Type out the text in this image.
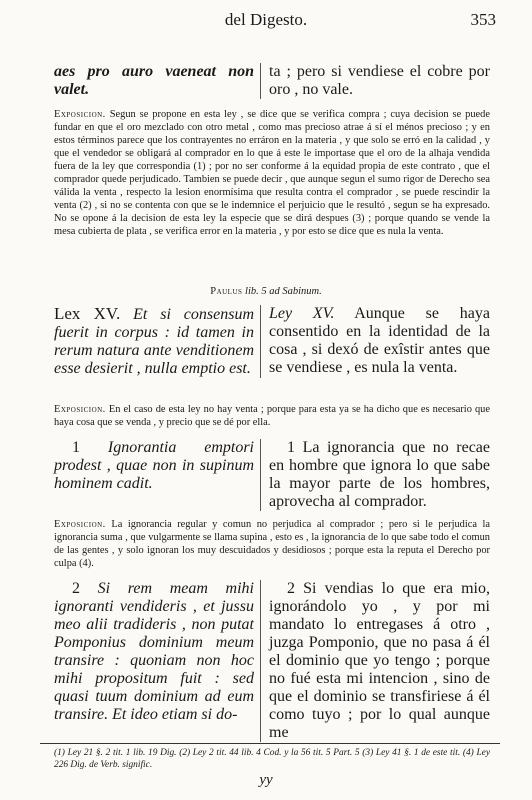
del Digesto.	353
aes pro auro vaeneat non valet.
ta ; pero si vendiese el cobre por oro , no vale.
Exposicion. Segun se propone en esta ley , se dice que se verifica compra ; cuya decision se puede fundar en que el oro mezclado con otro metal , como mas precioso atrae á sí el ménos precioso ; y en estos términos parece que los contrayentes no erráron en la materia , y que solo se erró en la calidad , y que el vendedor se obligará al comprador en lo que á este le importase que el oro de la alhaja vendida fuera de la ley que correspondia (1) ; por no ser conforme á la equidad propia de este contrato , que el comprador quede perjudicado. Tambien se puede decir , que aunque segun el sumo rigor de Derecho sea válida la venta , respecto la lesion enormísima que resulta contra el comprador , se puede rescindir la venta (2) , si no se contenta con que se le indemnice el perjuicio que le resultó , segun se ha expresado. No se opone á la decision de esta ley la especie que se dirá despues (3) ; porque quando se vende la mesa cubierta de plata , se verifica error en la materia , y por esto se dice que es nula la venta.
Paulus lib. 5 ad Sabinum.
Lex XV. Et si consensum fuerit in corpus : id tamen in rerum natura ante venditionem esse desierit , nulla emptio est.
Ley XV. Aunque se haya consentido en la identidad de la cosa , si dexó de exîstir antes que se vendiese , es nula la venta.
Exposicion. En el caso de esta ley no hay venta ; porque para esta ya se ha dicho que es necesario que haya cosa que se venda , y precio que se dé por ella.
1 Ignorantia emptori prodest , quae non in supinum hominem cadit.
1 La ignorancia que no recae en hombre que ignora lo que sabe la mayor parte de los hombres, aprovecha al comprador.
Exposicion. La ignorancia regular y comun no perjudica al comprador ; pero si le perjudica la ignorancia suma , que vulgarmente se llama supina , esto es , la ignorancia de lo que sabe todo el comun de las gentes , y solo ignoran los muy descuidados y desidiosos ; porque esta la reputa el Derecho por culpa (4).
2 Si rem meam mihi ignoranti vendideris , et jussu meo alii tradideris , non putat Pomponius dominium meum transire : quoniam non hoc mihi propositum fuit : sed quasi tuum dominium ad eum transire. Et ideo etiam si do-
2 Si vendias lo que era mio, ignorándolo yo , y por mi mandato lo entregases á otro , juzga Pomponio, que no pasa á él el dominio que yo tengo ; porque no fué esta mi intencion , sino de que el dominio se transfiriese á él como tuyo ; por lo qual aunque me
(1) Ley 21 §. 2 tit. 1 lib. 19 Dig. (2) Ley 2 tit. 44 lib. 4 Cod. y la 56 tit. 5 Part. 5 (3) Ley 41 §. 1 de este tit. (4) Ley 226 Dig. de Verb. signific.
yy
